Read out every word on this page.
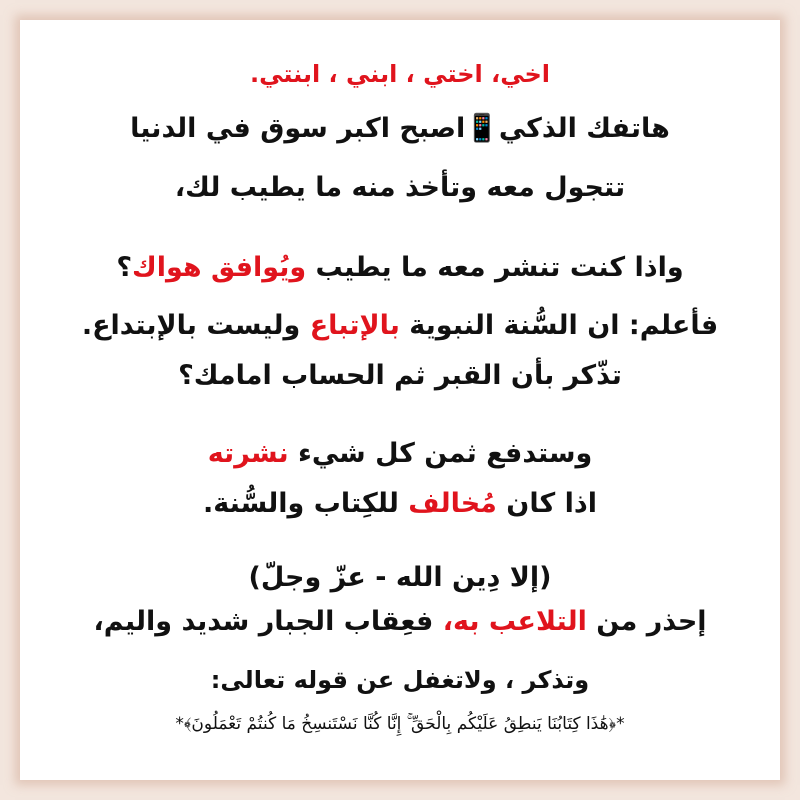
اخي، اختي ، ابني ، ابنتي.
هاتفك الذكي📱اصبح اكبر سوق في الدنيا
تتجول معه وتأخذ منه ما يطيب لك،
واذا كنت تنشر معه ما يطيب ويُوافق هواك؟
فأعلم: ان السُّنة النبوية بالإتباع وليست بالإبتداع.
تذّكر بأن القبر ثم الحساب امامك؟
وستدفع ثمن كل شيء نشرته
اذا كان مُخالف للكِتاب والسُّنة.
(إلا دِين الله - عزّ وجلّ)
إحذر من التلاعب به، فعِقاب الجبار شديد واليم،
وتذكر ، ولاتغفل عن قوله تعالى:
*﴿هَٰذَا كِتَابُنَا يَنطِقُ عَلَيْكُم بِالْحَقِّ ۚ إِنَّا كُنَّا نَسْتَنسِخُ مَا كُنتُمْ تَعْمَلُونَ﴾*
